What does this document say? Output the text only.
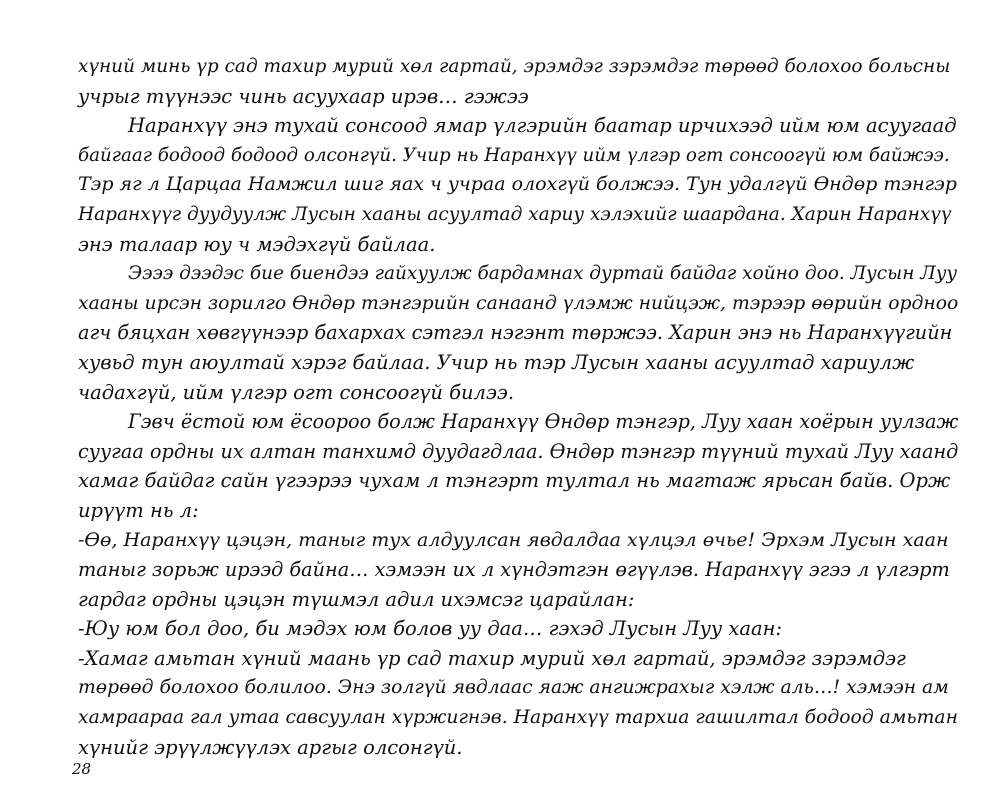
хүний минь үр сад тахир мурий хөл гартай, эрэмдэг зэрэмдэг төрөөд болохоо больсны
учрыг түүнээс чинь асуухаар ирэв… гэжээ
Наранхүү энэ тухай сонсоод ямар үлгэрийн баатар ирчихээд ийм юм асуугаад
байгааг бодоод бодоод олсонгүй. Учир нь Наранхүү ийм үлгэр огт сонсоогүй юм байжээ.
Тэр яг л Царцаа Намжил шиг яах ч учраа олохгүй болжээ. Тун удалгүй Өндөр тэнгэр
Наранхүүг дуудуулж Лусын хааны асуултад хариу хэлэхийг шаардана. Харин Наранхүү
энэ талаар юу ч мэдэхгүй байлаа.
Ээээ дээдэс бие биендээ гайхуулж бардамнах дуртай байдаг хойно доо. Лусын Луу
хааны ирсэн зорилго Өндөр тэнгэрийн санаанд үлэмж нийцэж, тэрээр өөрийн ордноо
агч бяцхан хөвгүүнээр бахархах сэтгэл нэгэнт төржээ. Харин энэ нь Наранхүүгийн
хувьд тун аюултай хэрэг байлаа. Учир нь тэр Лусын хааны асуултад хариулж
чадахгүй, ийм үлгэр огт сонсоогүй билээ.
Гэвч ёстой юм ёсоороо болж Наранхүү Өндөр тэнгэр, Луу хаан хоёрын уулзаж
суугаа ордны их алтан танхимд дуудагдлаа. Өндөр тэнгэр түүний тухай Луу хаанд
хамаг байдаг сайн үгээрээ чухам л тэнгэрт тултал нь магтаж ярьсан байв. Орж
ирүүт нь л:
-Өө, Наранхүү цэцэн, таныг тух алдуулсан явдалдаа хүлцэл өчье! Эрхэм Лусын хаан
таныг зорьж ирээд байна… хэмээн их л хүндэтгэн өгүүлэв. Наранхүү эгээ л үлгэрт
гардаг ордны цэцэн түшмэл адил ихэмсэг царайлан:
-Юу юм бол доо, би мэдэх юм болов уу даа… гэхэд Лусын Луу хаан:
-Хамаг амьтан хүний маань үр сад тахир мурий хөл гартай, эрэмдэг зэрэмдэг
төрөөд болохоо болилоо. Энэ золгүй явдлаас яаж ангижрахыг хэлж аль…! хэмээн ам
хамраараа гал утаа савсуулан хүржигнэв. Наранхүү тархиа гашилтал бодоод амьтан
хүнийг эрүүлжүүлэх аргыг олсонгүй.
28
